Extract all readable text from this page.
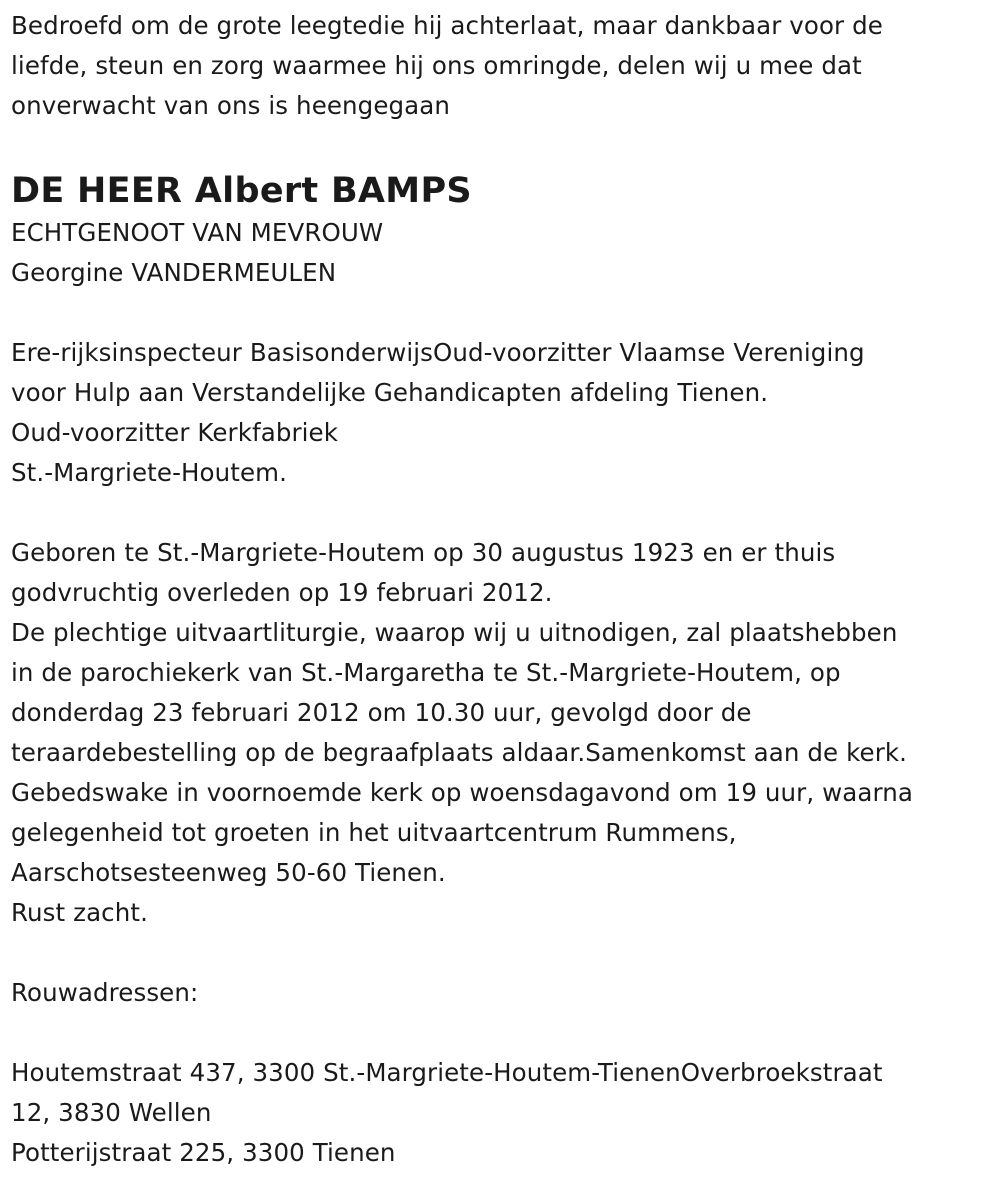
Bedroefd om de grote leegtedie hij achterlaat, maar dankbaar voor de
liefde, steun en zorg waarmee hij ons omringde, delen wij u mee dat
onverwacht van ons is heengegaan

DE HEER Albert BAMPS

ECHTGENOOT VAN MEVROUW
Georgine VANDERMEULEN

Ere-rijksinspecteur BasisonderwijsOud-voorzitter Vlaamse Vereniging
voor Hulp aan Verstandelijke Gehandicapten afdeling Tienen.
Oud-voorzitter Kerkfabriek
St.-Margriete-Houtem.

Geboren te St.-Margriete-Houtem op 30 augustus 1923 en er thuis
godvruchtig overleden op 19 februari 2012.
De plechtige uitvaartliturgie, waarop wij u uitnodigen, zal plaatshebben
in de parochiekerk van St.-Margaretha te St.-Margriete-Houtem, op
donderdag 23 februari 2012 om 10.30 uur, gevolgd door de
teraardebestelling op de begraafplaats aldaar.Samenkomst aan de kerk.
Gebedswake in voornoemde kerk op woensdagavond om 19 uur, waarna
gelegenheid tot groeten in het uitvaartcentrum Rummens,
Aarschotsesteenweg 50-60 Tienen.
Rust zacht.

Rouwadressen:

Houtemstraat 437, 3300 St.-Margriete-Houtem-TienenOverbroekstraat
12, 3830 Wellen
Potterijstraat 225, 3300 Tienen
